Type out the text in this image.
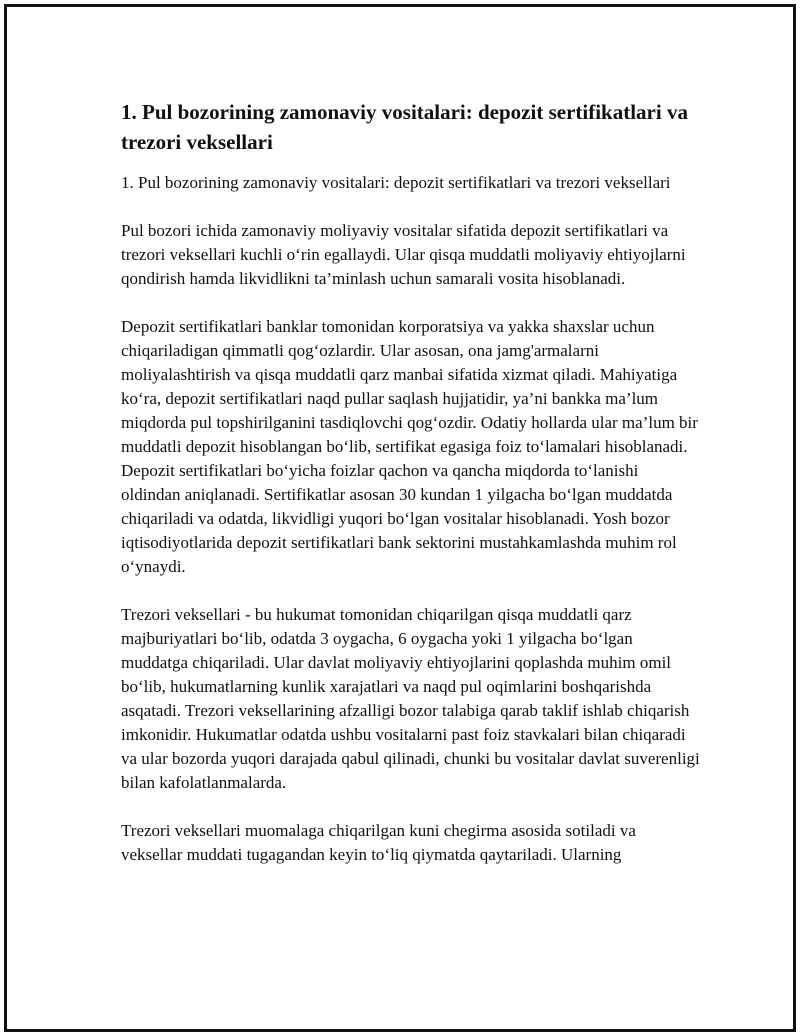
1. Pul bozorining zamonaviy vositalari: depozit sertifikatlari va trezori veksellari

1. Pul bozorining zamonaviy vositalari: depozit sertifikatlari va trezori veksellari

Pul bozori ichida zamonaviy moliyaviy vositalar sifatida depozit sertifikatlari va trezori veksellari kuchli o‘rin egallaydi. Ular qisqa muddatli moliyaviy ehtiyojlarni qondirish hamda likvidlikni ta’minlash uchun samarali vosita hisoblanadi.

Depozit sertifikatlari banklar tomonidan korporatsiya va yakka shaxslar uchun chiqariladigan qimmatli qog‘ozlardir. Ular asosan, ona jamg'armalarni moliyalashtirish va qisqa muddatli qarz manbai sifatida xizmat qiladi. Mahiyatiga ko‘ra, depozit sertifikatlari naqd pullar saqlash hujjatidir, ya’ni bankka ma’lum miqdorda pul topshirilganini tasdiqlovchi qog‘ozdir. Odatiy hollarda ular ma’lum bir muddatli depozit hisoblangan bo‘lib, sertifikat egasiga foiz to‘lamalari hisoblanadi. Depozit sertifikatlari bo‘yicha foizlar qachon va qancha miqdorda to‘lanishi oldindan aniqlanadi. Sertifikatlar asosan 30 kundan 1 yilgacha bo‘lgan muddatda chiqariladi va odatda, likvidligi yuqori bo‘lgan vositalar hisoblanadi. Yosh bozor iqtisodiyotlarida depozit sertifikatlari bank sektorini mustahkamlashda muhim rol o‘ynaydi.

Trezori veksellari - bu hukumat tomonidan chiqarilgan qisqa muddatli qarz majburiyatlari bo‘lib, odatda 3 oygacha, 6 oygacha yoki 1 yilgacha bo‘lgan muddatga chiqariladi. Ular davlat moliyaviy ehtiyojlarini qoplashda muhim omil bo‘lib, hukumatlarning kunlik xarajatlari va naqd pul oqimlarini boshqarishda asqatadi. Trezori veksellarining afzalligi bozor talabiga qarab taklif ishlab chiqarish imkonidir. Hukumatlar odatda ushbu vositalarni past foiz stavkalari bilan chiqaradi va ular bozorda yuqori darajada qabul qilinadi, chunki bu vositalar davlat suverenligi bilan kafolatlanmalarda.

Trezori veksellari muomalaga chiqarilgan kuni chegirma asosida sotiladi va veksellar muddati tugagandan keyin to‘liq qiymatda qaytariladi. Ularning
